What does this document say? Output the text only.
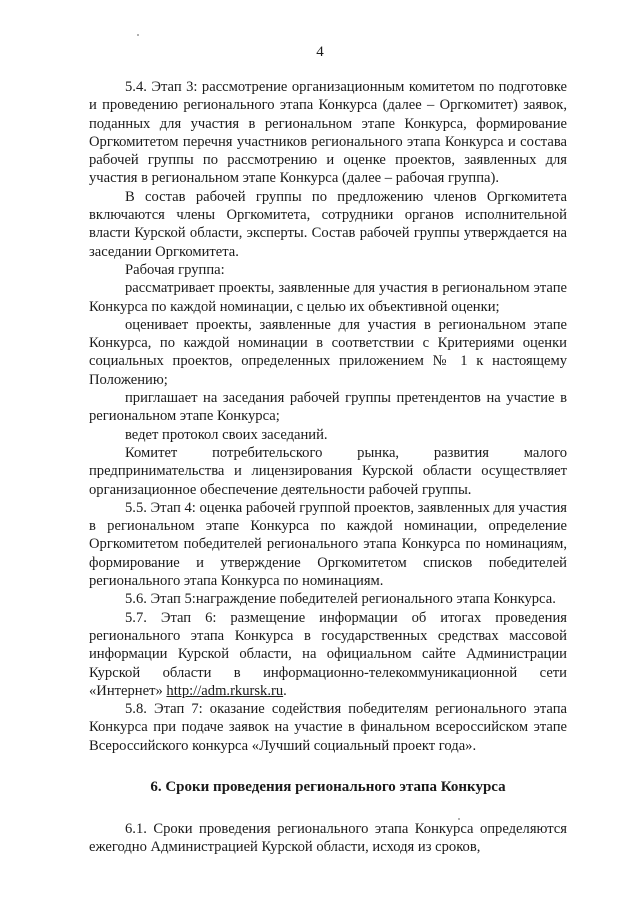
4

5.4. Этап 3: рассмотрение организационным комитетом по подготовке и проведению регионального этапа Конкурса (далее – Оргкомитет) заявок, поданных для участия в региональном этапе Конкурса, формирование Оргкомитетом перечня участников регионального этапа Конкурса и состава рабочей группы по рассмотрению и оценке проектов, заявленных для участия в региональном этапе Конкурса (далее – рабочая группа).

В состав рабочей группы по предложению членов Оргкомитета включаются члены Оргкомитета, сотрудники органов исполнительной власти Курской области, эксперты. Состав рабочей группы утверждается на заседании Оргкомитета.

Рабочая группа:

рассматривает проекты, заявленные для участия в региональном этапе Конкурса по каждой номинации, с целью их объективной оценки;

оценивает проекты, заявленные для участия в региональном этапе Конкурса, по каждой номинации в соответствии с Критериями оценки социальных проектов, определенных приложением № 1 к настоящему Положению;

приглашает на заседания рабочей группы претендентов на участие в региональном этапе Конкурса;

ведет протокол своих заседаний.

Комитет потребительского рынка, развития малого предпринимательства и лицензирования Курской области осуществляет организационное обеспечение деятельности рабочей группы.

5.5. Этап 4: оценка рабочей группой проектов, заявленных для участия в региональном этапе Конкурса по каждой номинации, определение Оргкомитетом победителей регионального этапа Конкурса по номинациям, формирование и утверждение Оргкомитетом списков победителей регионального этапа Конкурса по номинациям.

5.6. Этап 5:награждение победителей регионального этапа Конкурса.

5.7. Этап 6: размещение информации об итогах проведения регионального этапа Конкурса в государственных средствах массовой информации Курской области, на официальном сайте Администрации Курской области в информационно-телекоммуникационной сети «Интернет» http://adm.rkursk.ru.

5.8. Этап 7: оказание содействия победителям регионального этапа Конкурса при подаче заявок на участие в финальном всероссийском этапе Всероссийского конкурса «Лучший социальный проект года».

6. Сроки проведения регионального этапа Конкурса

6.1. Сроки проведения регионального этапа Конкурса определяются ежегодно Администрацией Курской области, исходя из сроков,
